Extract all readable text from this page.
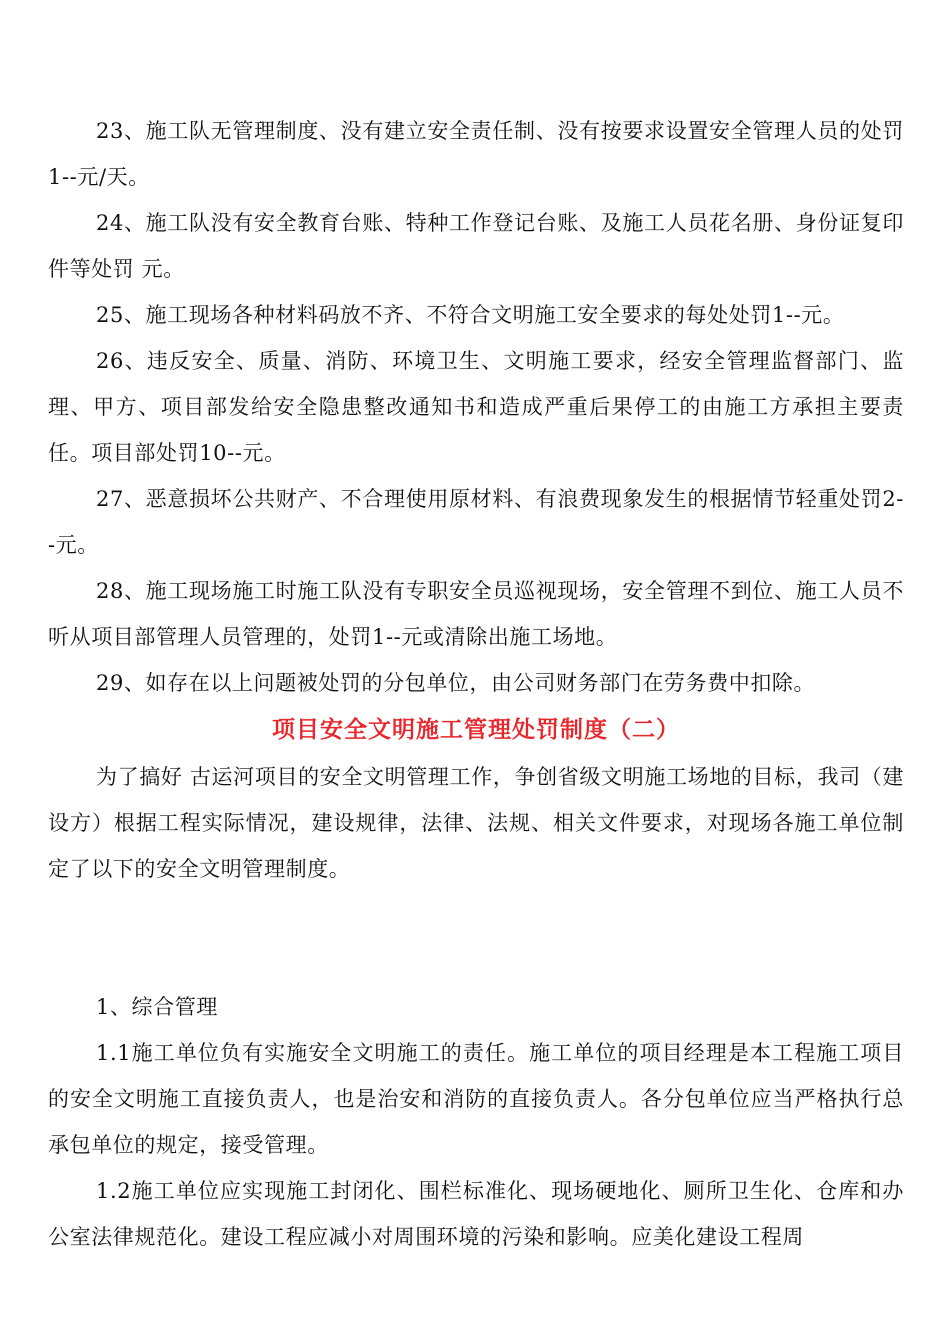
23、施工队无管理制度、没有建立安全责任制、没有按要求设置安全管理人员的处罚1--元/天。

24、施工队没有安全教育台账、特种工作登记台账、及施工人员花名册、身份证复印件等处罚 元。

25、施工现场各种材料码放不齐、不符合文明施工安全要求的每处处罚1--元。

26、违反安全、质量、消防、环境卫生、文明施工要求，经安全管理监督部门、监理、甲方、项目部发给安全隐患整改通知书和造成严重后果停工的由施工方承担主要责任。项目部处罚10--元。

27、恶意损坏公共财产、不合理使用原材料、有浪费现象发生的根据情节轻重处罚2--元。

28、施工现场施工时施工队没有专职安全员巡视现场，安全管理不到位、施工人员不听从项目部管理人员管理的，处罚1--元或清除出施工场地。

29、如存在以上问题被处罚的分包单位，由公司财务部门在劳务费中扣除。

项目安全文明施工管理处罚制度（二）

为了搞好 古运河项目的安全文明管理工作，争创省级文明施工场地的目标，我司（建设方）根据工程实际情况，建设规律，法律、法规、相关文件要求，对现场各施工单位制定了以下的安全文明管理制度。

1、综合管理

1.1施工单位负有实施安全文明施工的责任。施工单位的项目经理是本工程施工项目的安全文明施工直接负责人，也是治安和消防的直接负责人。各分包单位应当严格执行总承包单位的规定，接受管理。

1.2施工单位应实现施工封闭化、围栏标准化、现场硬地化、厕所卫生化、仓库和办公室法律规范化。建设工程应减小对周围环境的污染和影响。应美化建设工程周
